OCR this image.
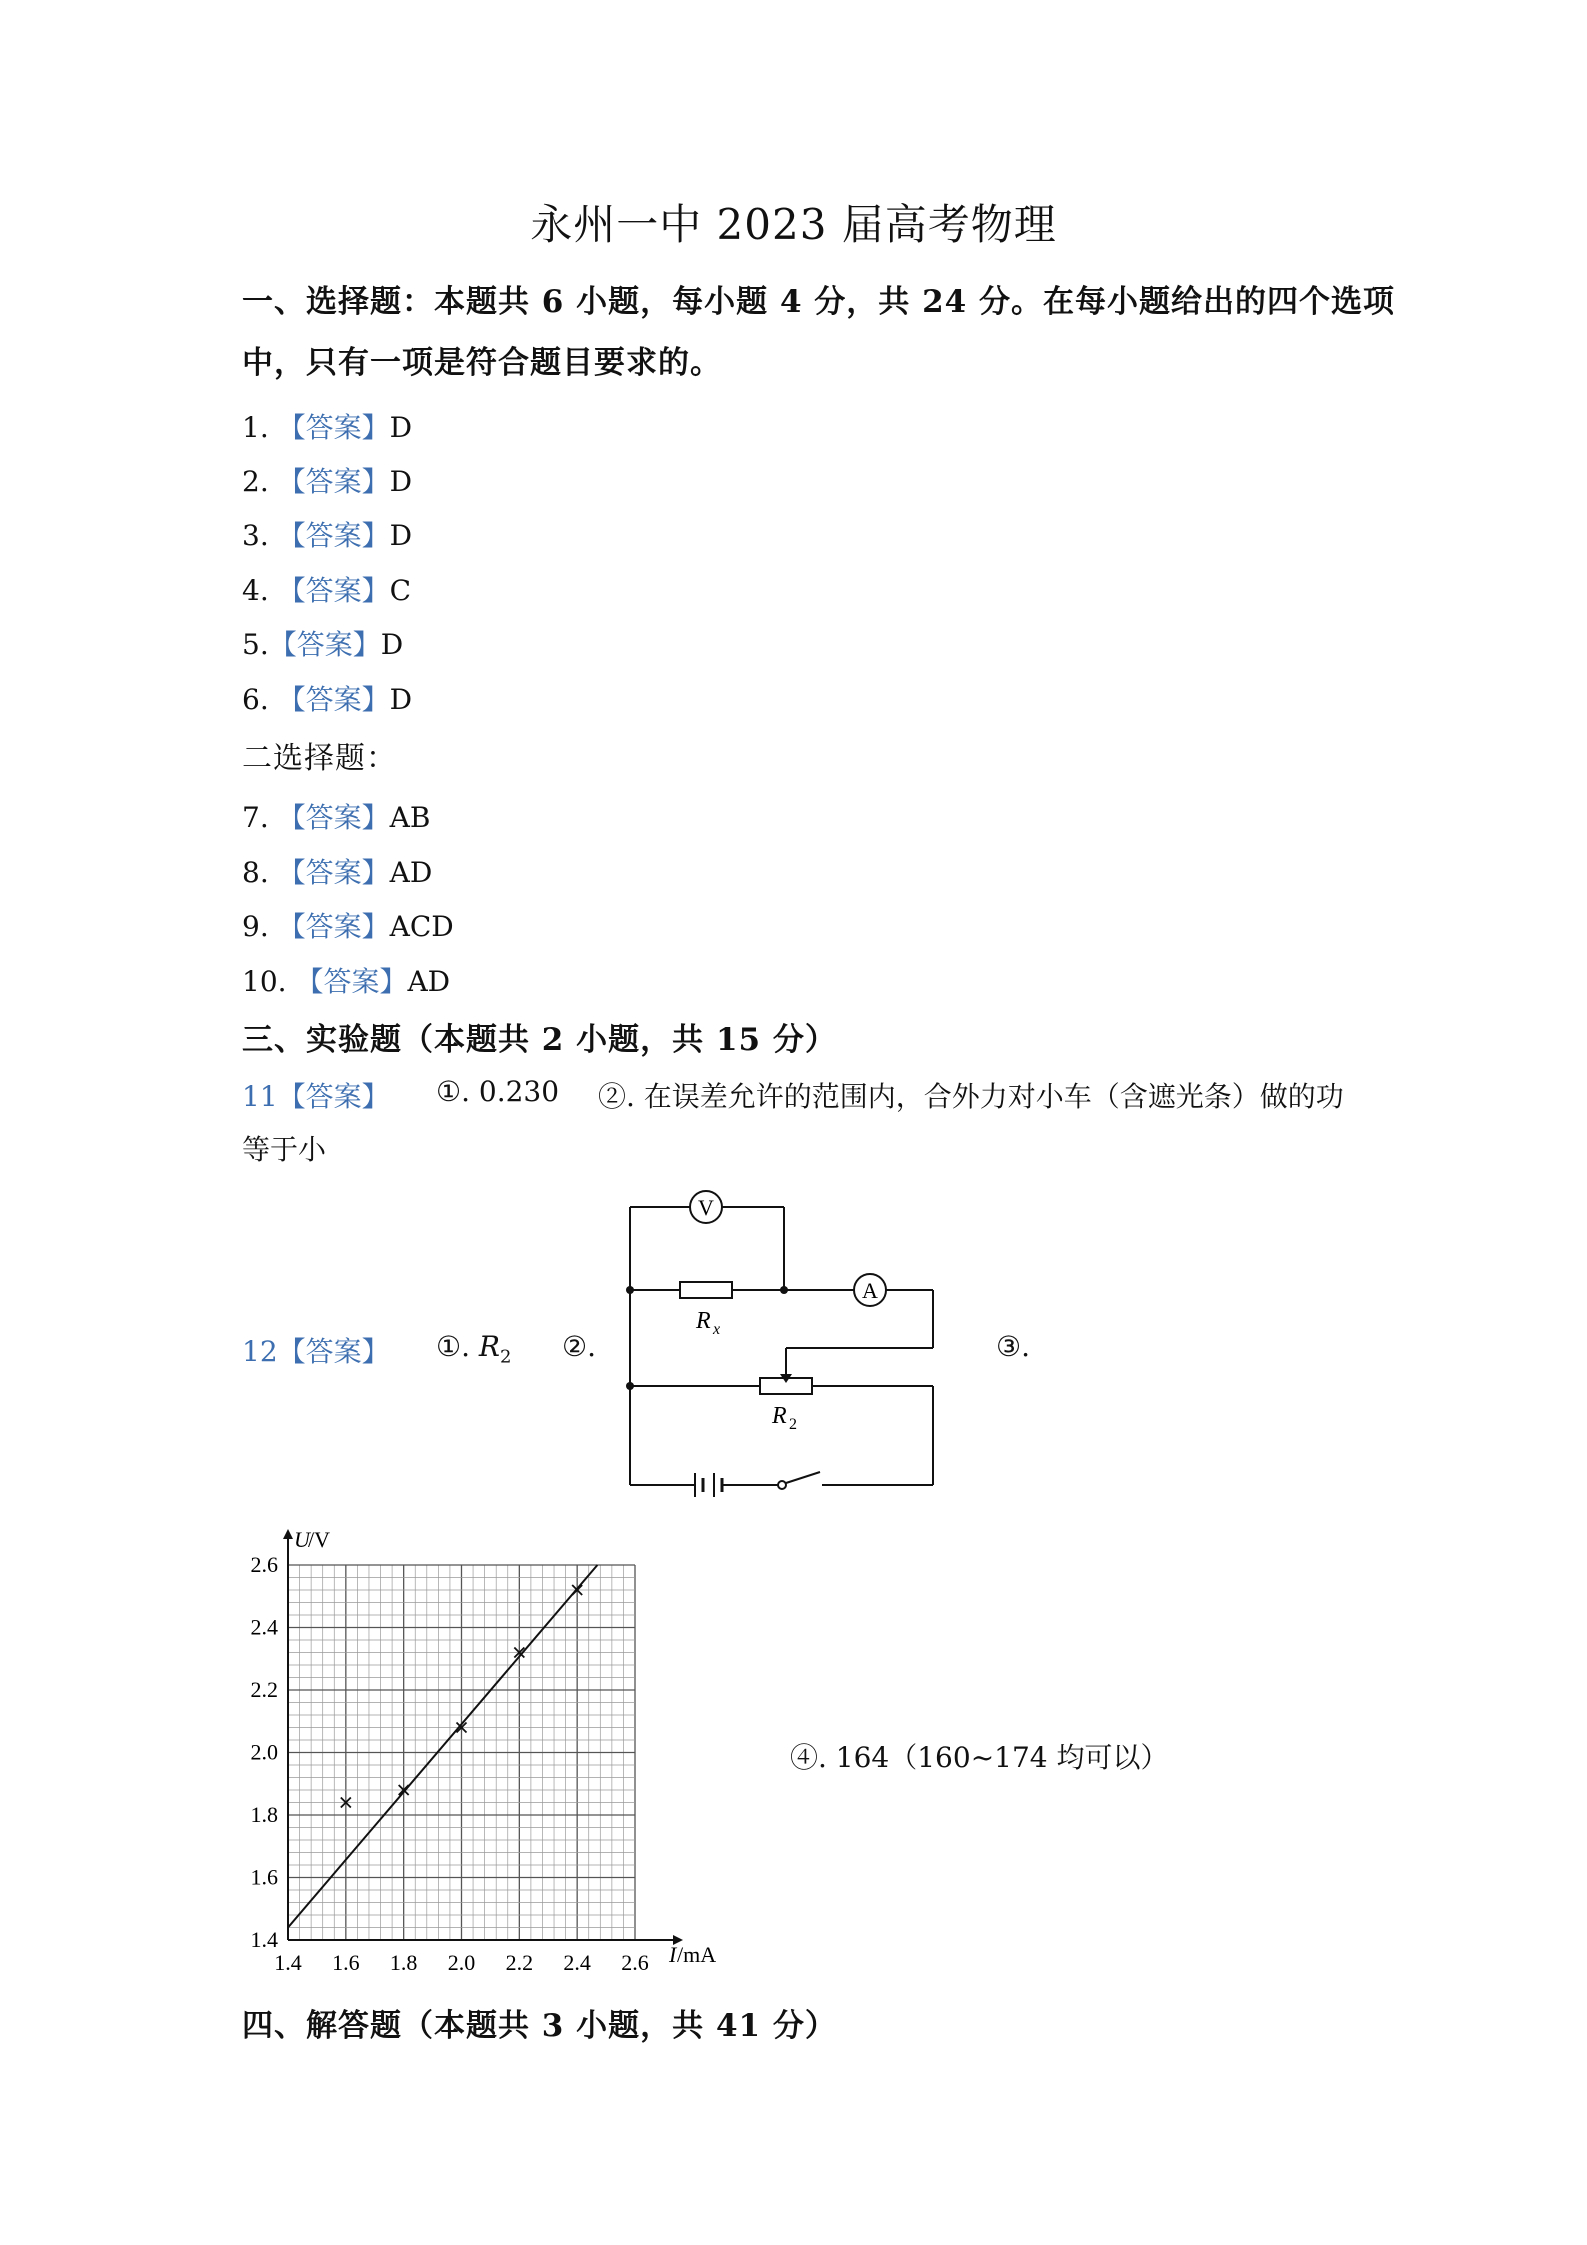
永州一中 2023 届高考物理
一、选择题：本题共 6 小题，每小题 4 分，共 24 分。在每小题给出的四个选项
中，只有一项是符合题目要求的。
1. 【答案】D
2. 【答案】D
3. 【答案】D
4. 【答案】C
5.【答案】D
6. 【答案】D
二选择题：
7. 【答案】AB
8. 【答案】AD
9. 【答案】ACD
10. 【答案】AD
三、实验题（本题共 2 小题，共 15 分）
11【答案】 ①. 0.230 ②. 在误差允许的范围内，合外力对小车（含遮光条）做的功
等于小
12【答案】 ①. $R_2$ ②.	③.
V
A
R x
R 2
1.4 1.6 1.8 2.0 2.2 2.4 2.6
1.4
1.6
1.8
2.0
2.2
2.4
2.6
U
/V
I /mA
④. 164（160~174 均可以）
四、解答题（本题共 3 小题，共 41 分）
